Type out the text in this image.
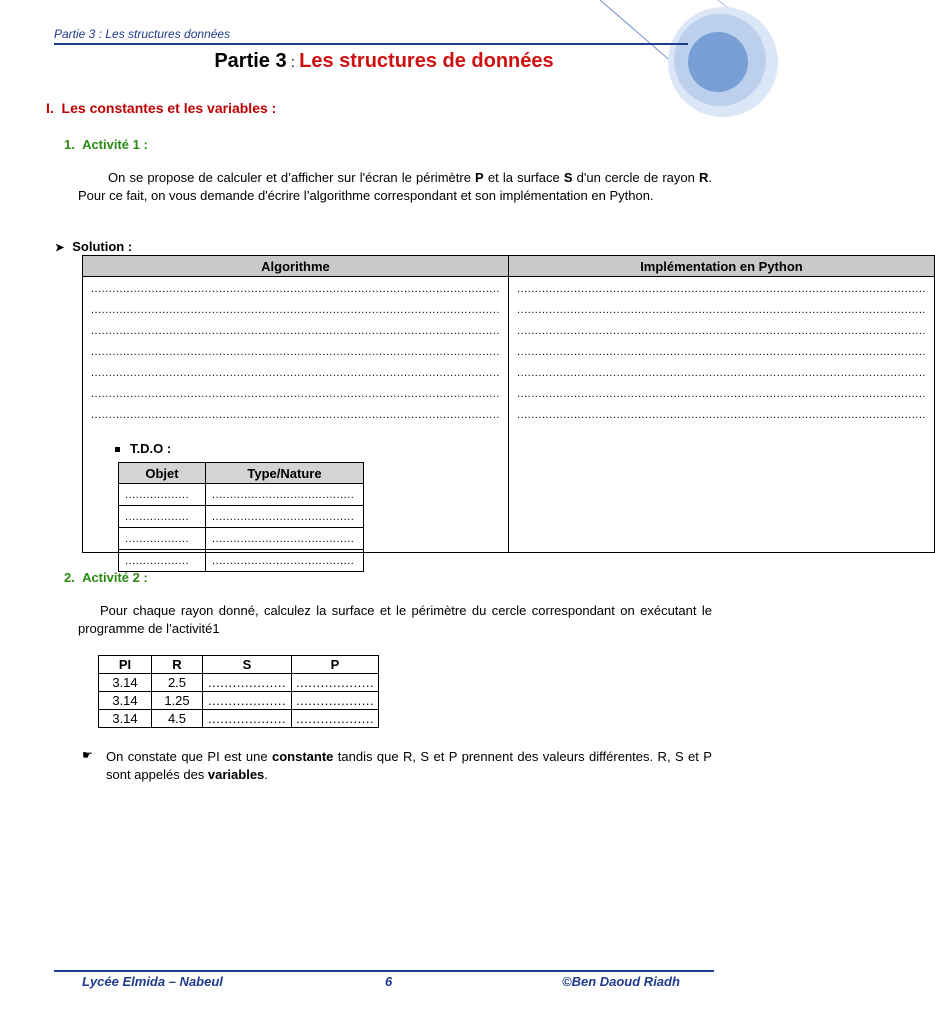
Partie 3 : Les structures données
Partie 3 : Les structures de données
I.  Les constantes et les variables :
1.  Activité 1 :
On se propose de calculer et d’afficher sur l'écran le périmètre P et la surface S d'un cercle de rayon R. Pour ce fait, on vous demande d'écrire l’algorithme correspondant et son implémentation en Python.
➤ Solution :
Algorithme	Implémentation en Python

...................................................................................................................
...................................................................................................................
...................................................................................................................
...................................................................................................................
...................................................................................................................
...................................................................................................................
...................................................................................................................
T.D.O :
Objet	Type/Nature
..................	........................................
..................	........................................
..................	........................................
..................	........................................

...................................................................................................................
...................................................................................................................
...................................................................................................................
...................................................................................................................
...................................................................................................................
...................................................................................................................
...................................................................................................................
2.  Activité 2 :
Pour chaque rayon donné, calculez la surface et le périmètre du cercle correspondant on exécutant le programme de l’activité1
PI	R	S	P
3.14	2.5	...................	...................
3.14	1.25	...................	...................
3.14	4.5	...................	...................
☛ On constate que PI est une constante tandis que R, S et P prennent des valeurs différentes. R, S et P sont appelés des variables.
Lycée Elmida – Nabeul	6	©Ben Daoud Riadh
